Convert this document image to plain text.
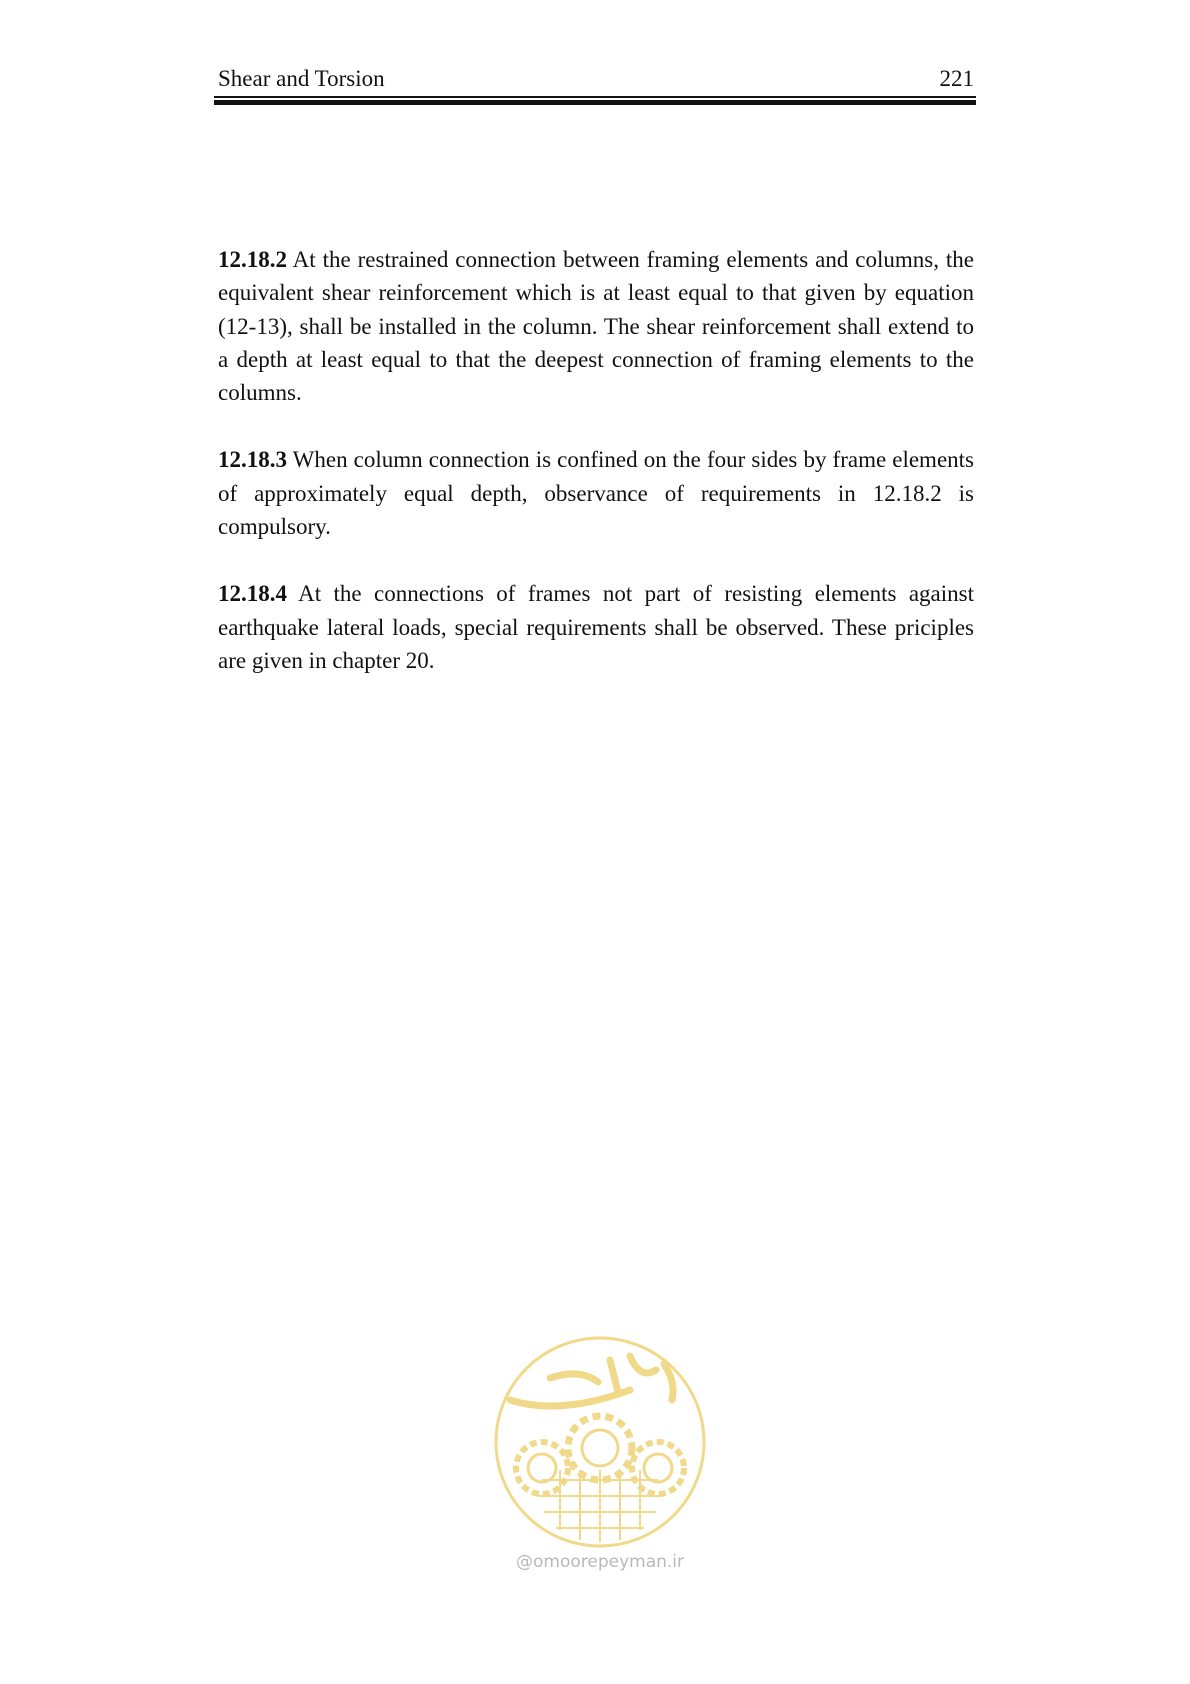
Shear and Torsion	221

12.18.2 At the restrained connection between framing elements and columns, the equivalent shear reinforcement which is at least equal to that given by equation (12-13), shall be installed in the column. The shear reinforcement shall extend to a depth at least equal to that the deepest connection of framing elements to the columns.

12.18.3 When column connection is confined on the four sides by frame elements of approximately equal depth, observance of requirements in 12.18.2 is compulsory.

12.18.4 At the connections of frames not part of resisting elements against earthquake lateral loads, special requirements shall be observed. These priciples are given in chapter 20.

@omoorepeyman.ir
